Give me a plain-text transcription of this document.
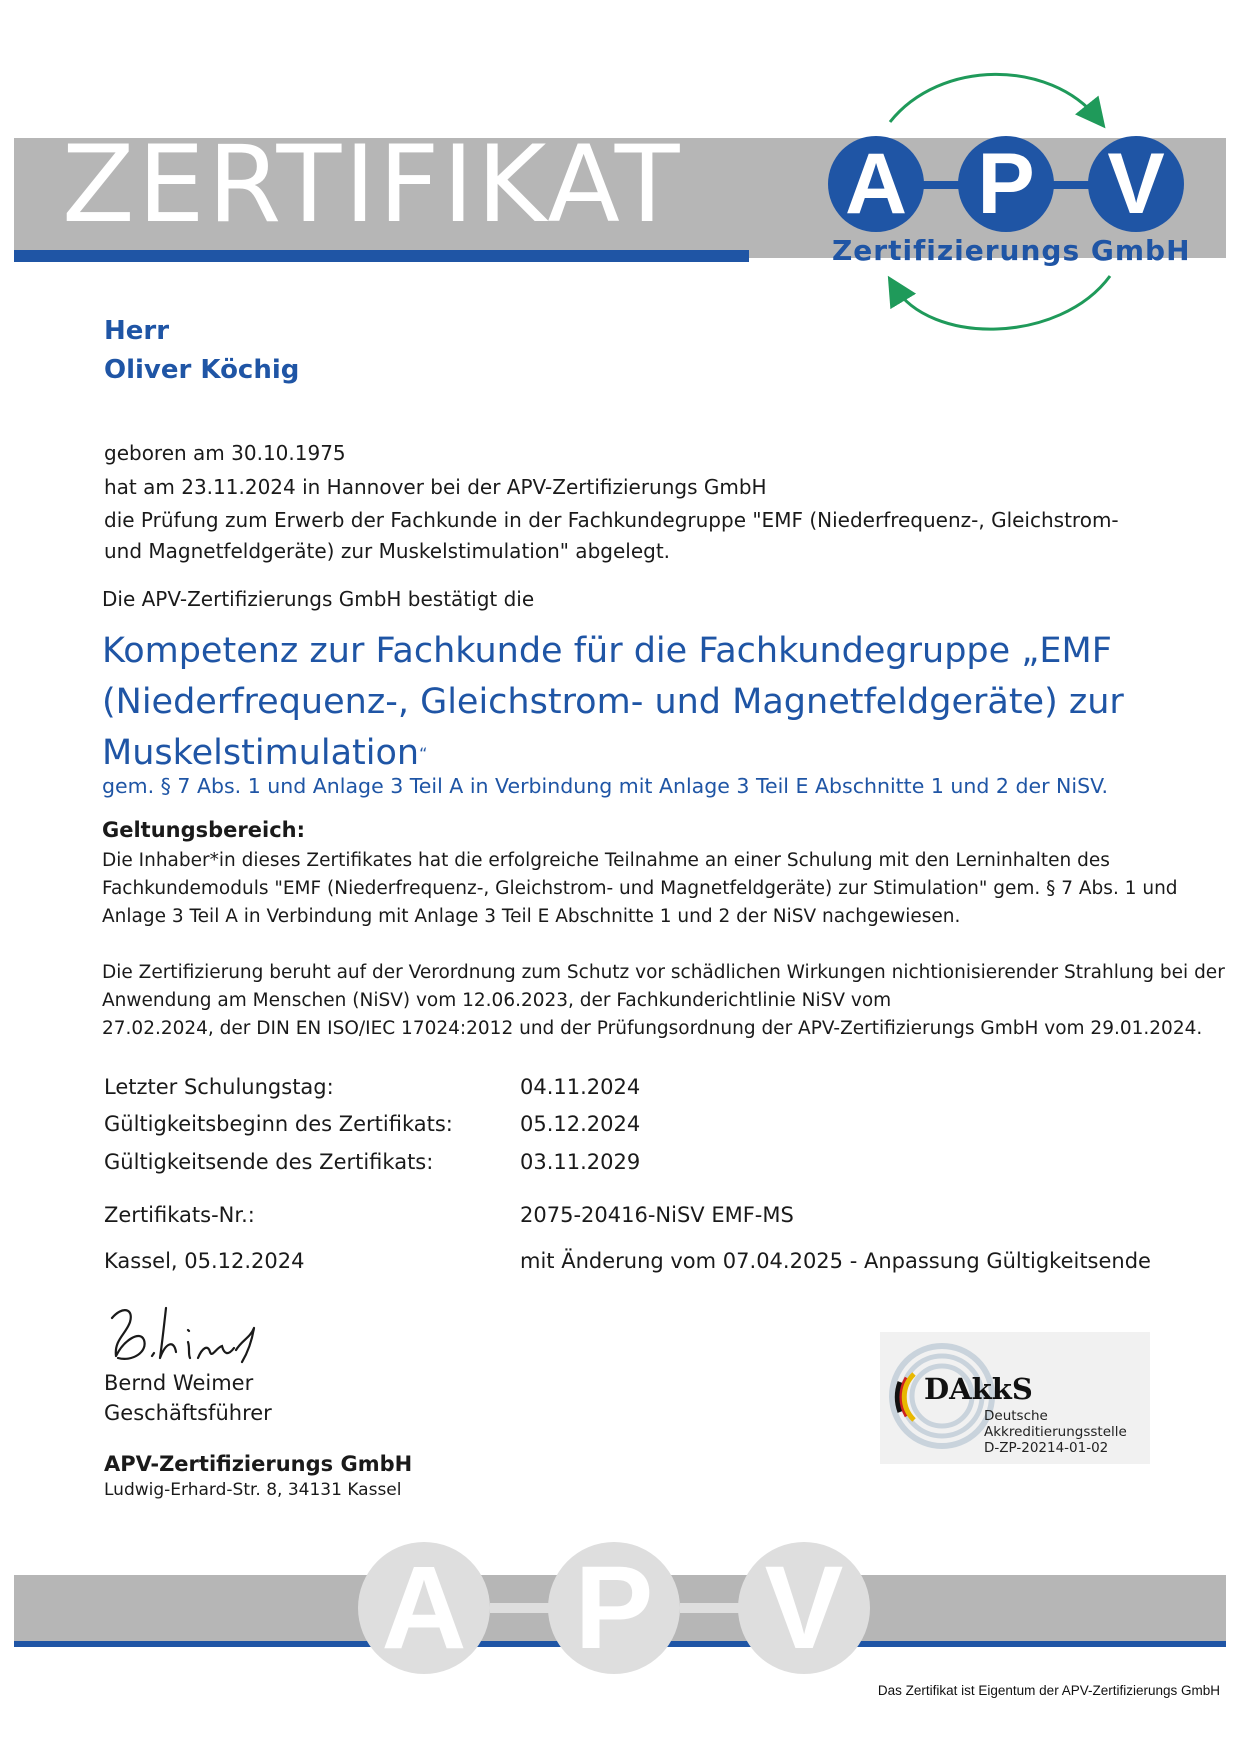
ZERTIFIKAT A P V
Zertifizierungs GmbH
Herr
Oliver Köchig
geboren am 30.10.1975
hat am 23.11.2024 in Hannover bei der APV-Zertifizierungs GmbH
die Prüfung zum Erwerb der Fachkunde in der Fachkundegruppe "EMF (Niederfrequenz-, Gleichstrom-
und Magnetfeldgeräte) zur Muskelstimulation" abgelegt.
Die APV-Zertifizierungs GmbH bestätigt die
Kompetenz zur Fachkunde für die Fachkundegruppe „EMF
(Niederfrequenz-, Gleichstrom- und Magnetfeldgeräte) zur
Muskelstimulation“
gem. § 7 Abs. 1 und Anlage 3 Teil A in Verbindung mit Anlage 3 Teil E Abschnitte 1 und 2 der NiSV.
Geltungsbereich:
Die Inhaber*in dieses Zertifikates hat die erfolgreiche Teilnahme an einer Schulung mit den Lerninhalten des
Fachkundemoduls "EMF (Niederfrequenz-, Gleichstrom- und Magnetfeldgeräte) zur Stimulation" gem. § 7 Abs. 1 und
Anlage 3 Teil A in Verbindung mit Anlage 3 Teil E Abschnitte 1 und 2 der NiSV nachgewiesen.
Die Zertifizierung beruht auf der Verordnung zum Schutz vor schädlichen Wirkungen nichtionisierender Strahlung bei der
Anwendung am Menschen (NiSV) vom 12.06.2023, der Fachkunderichtlinie NiSV vom
27.02.2024, der DIN EN ISO/IEC 17024:2012 und der Prüfungsordnung der APV-Zertifizierungs GmbH vom 29.01.2024.
Letzter Schulungstag:	04.11.2024
Gültigkeitsbeginn des Zertifikats:	05.12.2024
Gültigkeitsende des Zertifikats:	03.11.2029
Zertifikats-Nr.:	2075-20416-NiSV EMF-MS
Kassel, 05.12.2024	mit Änderung vom 07.04.2025 - Anpassung Gültigkeitsende
Bernd Weimer
Geschäftsführer
APV-Zertifizierungs GmbH
Ludwig-Erhard-Str. 8, 34131 Kassel
DAkkS
Deutsche
Akkreditierungsstelle
D-ZP-20214-01-02
A P V
Das Zertifikat ist Eigentum der APV-Zertifizierungs GmbH
